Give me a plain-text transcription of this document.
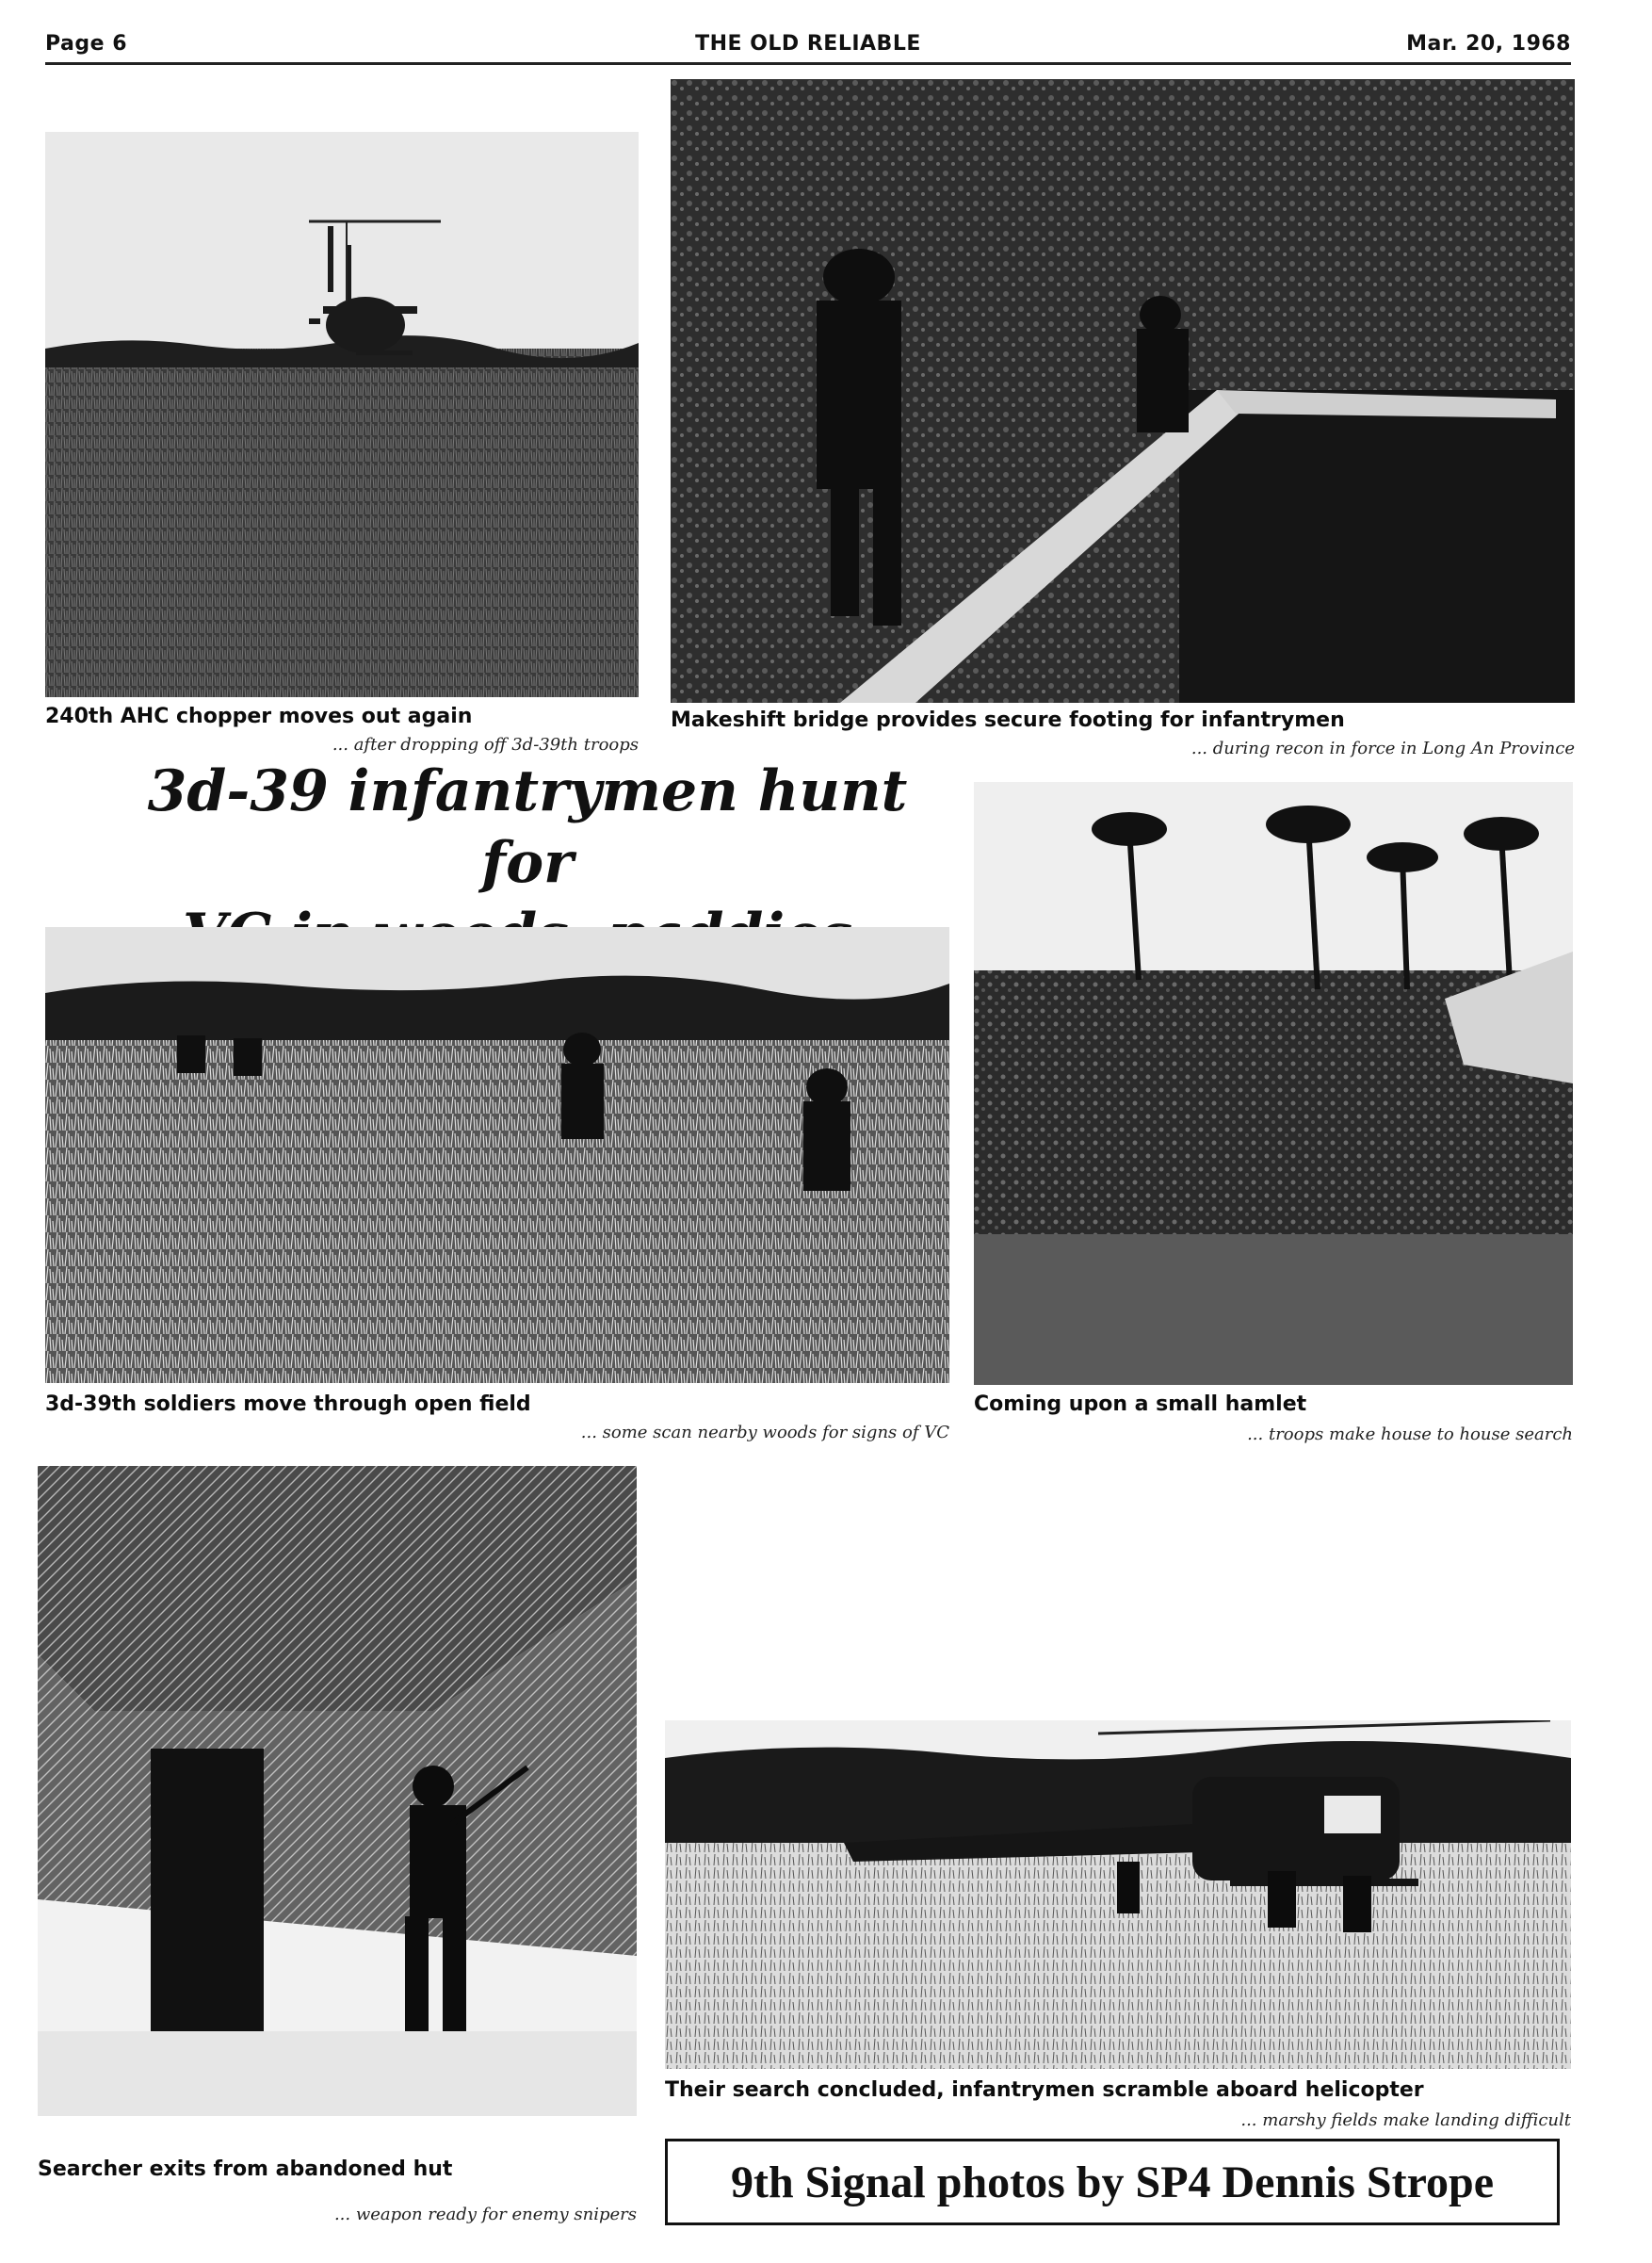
Page 6	THE OLD RELIABLE	Mar. 20, 1968
240th AHC chopper moves out again
... after dropping off 3d-39th troops
Makeshift bridge provides secure footing for infantrymen
... during recon in force in Long An Province
3d-39 infantrymen hunt for
3d-39th soldiers move through open field
... some scan nearby woods for signs of VC
Coming upon a small hamlet
... troops make house to house search
Searcher exits from abandoned hut
... weapon ready for enemy snipers
Their search concluded, infantrymen scramble aboard helicopter
... marshy fields make landing difficult
9th Signal photos by SP4 Dennis Strope
